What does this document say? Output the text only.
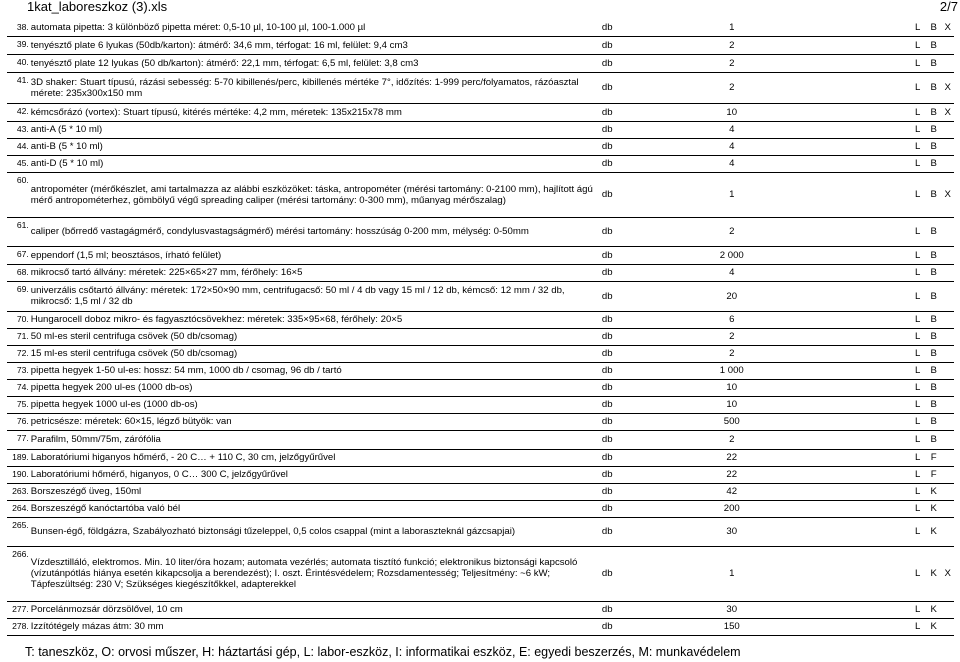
1kat_laboreszkoz (3).xls	2/7
38.	automata pipetta: 3 különböző pipetta méret: 0,5-10 µl, 10-100 µl, 100-1.000 µl	db	1		L	B	X
39.	tenyésztő plate 6 lyukas (50db/karton): átmérő: 34,6 mm, térfogat: 16 ml, felület: 9,4 cm3	db	2		L	B	
40.	tenyésztő plate 12 lyukas (50 db/karton): átmérő: 22,1 mm, térfogat: 6,5 ml, felület: 3,8 cm3	db	2		L	B	
41.	3D shaker: Stuart típusú, rázási sebesség: 5-70 kibillenés/perc, kibillenés mértéke 7°, időzítés: 1-999 perc/folyamatos, rázóasztal mérete: 235x300x150 mm	db	2		L	B	X
42.	kémcsőrázó (vortex): Stuart típusú, kitérés mértéke: 4,2 mm, méretek: 135x215x78 mm	db	10		L	B	X
43.	anti-A (5 * 10 ml)	db	4		L	B	
44.	anti-B (5 * 10 ml)	db	4		L	B	
45.	anti-D (5 * 10 ml)	db	4		L	B	
60.	antropométer (mérőkészlet, ami tartalmazza az alábbi eszközöket: táska, antropométer (mérési tartomány: 0-2100 mm), hajlított ágú mérő antropométerhez, gömbölyű végű spreading caliper (mérési tartomány: 0-300 mm), műanyag mérőszalag)	db	1		L	B	X
61.	caliper (bőrredő vastagágmérő, condylusvastagságmérő) mérési tartomány: hosszúság 0-200 mm, mélység: 0-50mm	db	2		L	B	
67.	eppendorf (1,5 ml; beosztásos, írható felület)	db	2 000		L	B	
68.	mikrocső tartó állvány: méretek: 225×65×27 mm, férőhely: 16×5	db	4		L	B	
69.	univerzális csőtartó állvány: méretek: 172×50×90 mm, centrifugacső: 50 ml / 4 db vagy 15 ml / 12 db, kémcső: 12 mm / 32 db, mikrocső: 1,5 ml / 32 db	db	20		L	B	
70.	Hungarocell doboz mikro- és fagyasztócsövekhez: méretek: 335×95×68, férőhely: 20×5	db	6		L	B	
71.	50 ml-es steril centrifuga csövek (50 db/csomag)	db	2		L	B	
72.	15 ml-es steril centrifuga csövek (50 db/csomag)	db	2		L	B	
73.	pipetta hegyek 1-50 ul-es: hossz: 54 mm, 1000 db / csomag, 96 db / tartó	db	1 000		L	B	
74.	pipetta hegyek 200 ul-es (1000 db-os)	db	10		L	B	
75.	pipetta hegyek 1000 ul-es (1000 db-os)	db	10		L	B	
76.	petricsésze: méretek: 60×15, légző bütyök: van	db	500		L	B	
77.	Parafilm, 50mm/75m, zárófólia	db	2		L	B	
189.	Laboratóriumi higanyos hőmérő, - 20 C… + 110 C, 30 cm, jelzőgyűrűvel	db	22		L	F	
190.	Laboratóriumi hőmérő, higanyos, 0 C… 300 C, jelzőgyűrűvel	db	22		L	F	
263.	Borszeszégő üveg, 150ml	db	42		L	K	
264.	Borszeszégő kanóctartóba való bél	db	200		L	K	
265.	Bunsen-égő, földgázra, Szabályozható biztonsági tűzeleppel, 0,5 colos csappal (mint a laboraszteknál gázcsapjai)	db	30		L	K	
266.	Vízdesztilláló, elektromos. Min. 10 liter/óra hozam; automata vezérlés; automata tisztító funkció; elektronikus biztonsági kapcsoló (vízutánpótlás hiánya esetén kikapcsolja a berendezést); I. oszt. Érintésvédelem; Rozsdamentesség; Teljesítmény: ~6 kW; Tápfeszültség: 230 V; Szükséges kiegészítőkkel, adapterekkel	db	1		L	K	X
277.	Porcelánmozsár dörzsölővel, 10 cm	db	30		L	K	
278.	Izzítótégely mázas átm: 30 mm	db	150		L	K	
T: taneszköz, O: orvosi műszer, H: háztartási gép, L: labor-eszköz, I: informatikai eszköz, E: egyedi beszerzés, M: munkavédelem
